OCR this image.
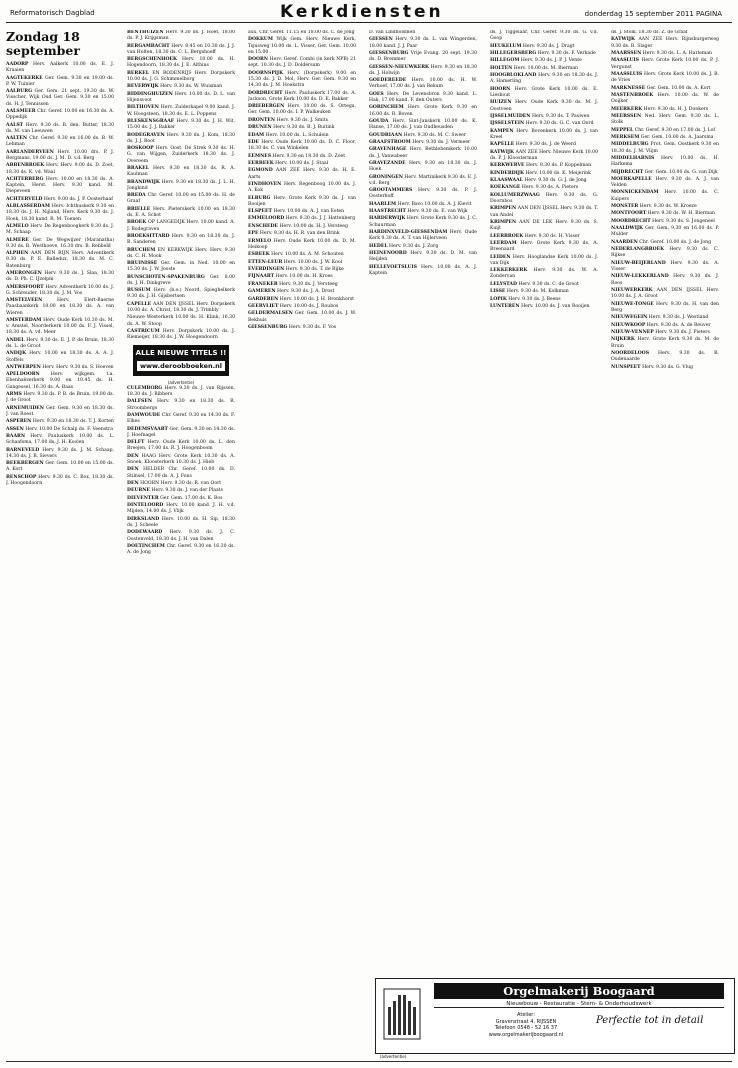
Reformatorisch Dagblad	Kerkdiensten	donderdag 15 september 2011 PAGINA
Zondag 18 september

AADORP Herv. Aalkerk 10.00 ds. E. J. Kraaien

AAGTEKERKE Ger. Gem. 9.30 en 19.00 ds. P. W. Tuinier

AALBURG Ger. Gem. 21 sept. 19.30 ds. W. Visscher, Wijk Oud Ger. Gem. 9.30 en 15.00 ds. H. J. Tennissen

AALSMEER Chr. Geref. 10.00 en 16.30 ds. A. Oppedijk

AALST Herv. 9.30 ds. B. den. Butter, 18.30 ds. M. van Leeuwen

AALTEN Chr. Geref. 9.30 en 16.00 ds. B. W. Lehman

AARLANDERVEEN Herv. 10.00 drs. P. J. Bergmans, 19.00 ds. J. M. D. v.d. Berg

ABBENBROEK Herv. Herv. 9.00 ds. D. Zoet, 18.30 ds. K. vd. Waal

ACHTERBERG Herv. 10.00 en 18.30 ds. A. Kaptein, Herst. Herv. 9.30 kand. M. Diepeveen

ACHTERVELD Herv. 9.00 ds. J. P. Oosterhaaf

ALBLASSERDAM Herv. Ichthuskerk 9.30 en 18.30 ds. J. H. Nijland, Herv. Kerk 9.30 ds. J. Hoek, 18.30 kand. R. M. Toenen

ALMELO Herv. De Regenboogkerk 9.30 ds. J. M. Schaap

ALMERE Ger. De Wegwijzer (Maranatha) 9.30 ds. R. Westhoeve, 16.30 drs. B. Rebbeld

ALPHEN AAN DEN RIJN Herv. Adventkerk 9.30 ds. P. E. Balledux, 18.30 ds. M. C. Batenburg

AMERONGEN Herv. 9.30 ds. J. Slaa, 18.30 ds. D. Ph. C. IJzelpm

AMERSFOORT Herv. Adventkerk 10.00 ds. J. G. Schreuder, 18.30 ds. J. M. Vos

AMSTELVEEN Herv. Elert-Baerne Paasbaankerk 10.00 en 18.30 ds. A. van Wieren

AMSTERDAM Herv. Oude Kerk 10.30 ds. M. v. Amstel, Noorderkerk 10.00 ds. F. J. Vissel, 18.30 ds. A. vd. Meer

ANDEL Herv. 9.30 ds. E. J. P. de Bruin, 18.30 ds. L. de Groot

ANDIJK Herv. 10.00 en 18.30 ds. A. A. J. Stoffels

ANTWERPEN Herv. Herv. 9.30 ds. S. Hoeven

APELDOORN Herv. wijkgem. t.a. Ebenhaëzerkerk 9.00 en 10.45 ds. H. Gangessel, 16.30 ds. A. Baas

ARMS Herv. 9.30 ds. P. B. de Bruin, 19.00 ds. J. de Groot

ARNEMUIDEN Ger. Gem. 9.30 en 18.30 ds. J. van Roest

ASPEREN Herv. 9.30 en 18.30 ds. T. J. Korten

ASSEN Herv. 10.00 De Schalp ds. F. Veenstra

BAARN Herv. Pauluskerk 10.00 ds. L. Schaafsma, 17.00 ds. J. H. Koolen

BARNEVELD Herv. 9.30 ds. J. M. Schaap, 14.30 ds. J. B. Sievers

BEEKBERGEN Ger. Gem. 10.00 en 15.00 ds. A. Kort

BENSCHOP Herv. 9.30 ds. C. Box, 18.30 ds. J. Hoogendoorn

BENTHUIZEN Herv. 9.30 ds. J. Hoet, 18.00 ds. P. J. Krijgsman

BERGAMBACHT Herv. 8.45 en 10.30 ds. J. J. van Holten, 18.30 ds. C. L. Bergshoeff

BERGSCHENHOEK Herv. 10.00 ds. H. Hogendoorn, 18.30 ds. J. E. Althius

BERKEL EN RODENRIJS Herv. Dorpskerk 10.00 ds. J. G. Schimmelborg

BEVERWIJK Herv. 9.30 ds. W. Wuisman

BIDDINGHUIZEN Herv. 10.00 ds. D. L. van Hijensvoot

BILTHOVEN Herv. Zuiderkapel 9.00 kand. J. W. Hoogsteen, 18.30 ds. E. L. Poppens

BLESKENSGRAAF Herv. 9.30 ds. J. H. Wit, 15.00 ds. J. J. Bakker

BODEGRAVEN Herv. 9.30 ds. J. Kom, 18.30 ds. J. J. Boot

BOSKOOP Herv. Oost. De Strek 9.30 ds. H. G. van Wijgen, Zuiderkerk 18.30 ds. J. Overeem

BRAKEL Herv. 9.30 en 18.30 ds. R. A. Kaulman

BRANDWIJK Herv. 9.30 en 18.30 ds. J. L. H. Jongkind

BREDA Chr. Geref. 10.00 en 15.00 ds. H. de Graaf

BRIELLE Herv. Pieterskerk 10.00 en 18.30 ds. E. A. Schot

BROEK OP LANGEDIJK Herv. 10.00 kand. A. J. Bodegraven

BROEKSITTARD Herv. 9.30 en 18.30 ds. J. B. Sanderen

BRUCHEM EN KERKWIJK Herv. Herv. 9.30 ds. C. H. Mook

BRUINISSE Ger. Gem. in Ned. 10.00 en 15.30 ds. J. W. Jooste

BUNSCHOTEN-SPAKENBURG Ger. 8.00 ds. J. H. Dinkgreve

BUSSUM Herv. (b.o.) Noord, Spieghelkerk 9.30 ds. J. H. Gijsbertsen

CAPELLE AAN DEN IJSSEL Herv. Dorpskerk 10.00 ds. A. Christ, 18.30 ds. J. Trimbly

Nieuwe Westerkerk 10.00 ds. H. Klink, 16.30 ds. A. W. Stoop

CASTRICUM Herv. Dorpskerk 10.00 ds. J. Riemeijer, 18.30 ds. J. W. Hoogendoorn

ALLE NIEUWE TITELS !!
www.deroobboeken.nl
(advertentie)

CULEMBORG Herv. 9.30 ds. J. van Rijssen, 18.30 ds. J. Ribbers

DALFSEN Herv. 9.30 en 18.30 ds. R. Stroombergs

DAMWOUDE Chr. Geref. 9.30 en 14.30 ds. F. Elkes

DEDEMSVAART Ger. Gem. 9.30 en 14.30 ds. J. Hoefnagel

DELFT Herv. Oude Kerk 10.00 ds. L. den Breejen, 17.00 ds. R. J. Hoogenboom

DEN HAAG Herv. Grote Kerk 10.30 ds. A. Snoek, Kloosterkerk 10.30 ds. J. Hieb

DEN HELDER Chr. Geref. 10.00 ds. D. Stilnsel, 17.00 ds. A. J. Fons

DEN HOORN Herv. 9.30 ds. R. van Oort

DEURNE Herv. 9.30 ds. J. van der Plaats

DIEVENTER Ger. Gem. 17.00 ds. K. Bos

DINTELOORD Herv. 10.00 kand. J. H. v.d. Mijden, 14.00 ds. J. Vlijk

DIRKSLAND Herv. 10.00 ds. H. Sip, 18.30 ds. J. Scheele

DODEWAARD Herv. 9.30 ds. J. C. Oostenveld, 18.30 ds. J. H. van Dalen

DOETINCHEM Chr. Geref. 9.30 en 16.30 ds. A. de Jong

aux, Chr. Geref. 11.15 en 18.00 ds. C. de Jong

DOKKUM Wijk Gem. Herv. Nieuwe Kerk, Tsjusweg 10.00 ds. L. Visser, Ger. Gem. 10.00 en 15.00

DOORN Herv. Geref. Combi (in kerk NPB) 21 sept. 10.30 ds. J. D. Doldersum

DOORNSPIJK Herv. (Dorpskerk) 9.00 en 15.30 ds. J. D. Mol, Herv. Ger. Gem. 9.30 en 14.30 ds. J. M. Hoekstra

DORDRECHT Herv. Pauluskerk 17.00 ds. A. Jackson, Grote Kerk 10.00 ds. D. E. Bakker

DRIEBERGEN Herv. 10.00 ds. S. Ortega, Ger. Gem. 10.00 ds. I. P. Walkeuken

DRONTEN Herv. 9.30 ds. J. Smits

DRUNEN Herv. 9.30 ds. B. J. Buitink

EDAM Herv. 10.00 ds. L. Schulein

EDE Herv. Oude Kerk 10.00 ds. D. C. Floor, 18.30 ds. C. van Winkelen

EEMNES Herv. 9.30 en 18.30 ds. D. Zoet

EERBEEK Herv. 10.00 ds. J. Staal

EGMOND AAN ZEE Herv. 9.30 ds. H. E. Aarts

EINDHOVEN Herv. Regenboog 10.00 ds. J. A. Kok

ELBURG Herv. Grote Kerk 9.30 ds. J. van Rooijen

ELSPEET Herv. 10.00 ds. A. J. van Eeten

EMMELOORD Herv. 9.30 ds. J. J. Hattenberg

ENSCHEDE Herv. 10.00 ds. H. J. Versteeg

EPE Herv. 9.30 ds. H. R. van den Brink

ERMELO Herv. Oude Kerk 10.00 ds. D. M. Heikoop

ESBEEK Herv. 10.00 ds. A. M. Schouten

ETTEN-LEUR Herv. 10.00 ds. J. W. Kool

EVERDINGEN Herv. 9.30 ds. T. de Rijke

FIJNAART Herv. 10.00 ds. H. Kroes

FRANEKER Herv. 9.30 ds. J. Versteeg

GAMEREN Herv. 9.30 ds. J. A. Drost

GARDEREN Herv. 10.00 ds. J. H. Bronkhorst

GEERVLIET Herv. 10.00 ds. J. Roubos

GELDERMALSEN Ger. Gem. 10.00 ds. J. W. Bekhuis

GIESSENBURG Herv. 9.30 ds. F. Vos

D. van Lindholsmen

GIESSEN Herv. 9.30 ds. L. van Wingerden, 18.00 kand. J. J. Paar

GIESSENBURG Vrije Evang. 20 sept. 19.30 ds. D. Bremmer

GIESSEN-NIEUWKERK Herv. 9.30 en 18.30 ds. J. Holwijn

GOEDEREEDE Herv. 10.00 ds. H. W. Verhoef, 17.00 ds. J. van Rekum

GOES Herv. De Levensbron 9.30 kand. L. Hak, 17.00 kand. F. den Outers

GORINCHEM Herv. Grote Kerk 9.30 en 16.00 ds. R. Boven

GOUDA Herv. Sint-Janskerk 10.00 ds. K. Hanse, 17.00 ds. J. van Oudheusden

GOUDRIAAN Herv. 9.30 ds. M. C. Sweer

GRAAFSTROOM Herv. 9.30 ds. J. Vermeer

GRAVENHAGE Herv. Bethlehemkerk 10.00 ds. J. Vanwabeer

GRAVEZANDE Herv. 9.30 en 18.30 ds. J. Hoek

GRONINGEN Herv. Martinikerk 9.30 ds. E. J. v.d. Berg

GROOTAMMERS Herv. 9.30 ds. P. J. Oosterhoff

HAARLEM Herv. Bavo 10.00 ds. A. J. Kievit

HAASTRECHT Herv. 9.30 ds. E. van Wijk

HARDERWIJK Herv. Grote Kerk 9.30 ds. J. C. Schuurman

HARDINXVELD-GIESSENDAM Herv. Oude Kerk 9.30 ds. A. T. van Hijlerveen

HEDEL Herv. 9.30 ds. J. Zorg

HEINENOORD Herv. 9.30 ds. D. M. van Heijden

HELLEVOETSLUIS Herv. 10.00 ds. A. J. Kaptein

ds. J. Tiggelaar, Chr. Geref. 9.30 ds. G. v.d. Goop

HEUKELUM Herv. 9.30 ds. J. Dragt

HILLEGERSBERG Herv. 9.30 ds. F. Verkade

HILLEGOM Herv. 9.30 ds. J. P. J. Vente

HOLTEN Herv. 10.00 ds. M. Bierman

HOOGBLOKLAND Herv. 9.30 en 18.30 ds. J. A. Hamerling

HOORN Herv. Grote Kerk 10.00 ds. E. Lieshout

HUIZEN Herv. Oude Kerk 9.30 ds. M. J. Oostveen

IJSSELMUIDEN Herv. 9.30 ds. T. Pauwen

IJSSELSTEIN Herv. 9.30 ds. G. C. van Oord

KAMPEN Herv. Bovenkerk 10.00 ds. J. van Kreel

KAPELLE Herv. 9.30 ds. J. de Weerd

KATWIJK AAN ZEE Herv. Nieuwe Kerk 10.00 ds. P. J. Kloosterman

KERKWERVE Herv. 9.30 ds. P. Koppelman

KINDERDIJK Herv. 10.00 ds. K. Meijerink

KLAASWAAL Herv. 9.30 ds. G. J. de Jong

KOEKANGE Herv. 9.30 ds. A. Pieters

KOLLUMERZWAAG Herv. 9.30 ds. G. Doornbos

KRIMPEN AAN DEN IJSSEL Herv. 9.30 ds. T. van Andel

KRIMPEN AAN DE LEK Herv. 9.30 ds. S. Kuijt

LEERBROEK Herv. 9.30 ds. H. Visser

LEERDAM Herv. Grote Kerk 9.30 ds. A. Breenaard

LEIDEN Herv. Hooglandse Kerk 10.00 ds. J. van Dijk

LEKKERKERK Herv. 9.30 ds. W. A. Zondervan

LELYSTAD Herv. 9.30 ds. C. de Groot

LISSE Herv. 9.30 ds. M. Kolkman

LOPIK Herv. 9.30 ds. J. Beens

LUNTEREN Herv. 10.00 ds. J. van Rooijen

ds. J. Stolk, 18.30 ds. Z. de Graaf

KATWIJK AAN ZEE Herv. Rijnsburgerweg 9.30 ds. B. Slager

MAARSSEN Herv. 9.30 ds. L. A. Harleman

MAASLUIS Herv. Grote Kerk 10.00 ds. P. J. Vergunst

MAASSLUIS Herv. Grote Kerk 10.00 ds. J. B. de Vries

MARKNESSE Ger. Gem. 10.00 ds. A. Kort

MASTENBROEK Herv. 10.00 ds. W. de Ooijker

MEERKERK Herv. 9.30 ds. H. J. Donkers

MEERSSEN Ned. Herv. Gem. 9.30 ds. L. Stolk

MEPPEL Chr. Geref. 9.30 en 17.00 ds. J. Lof

MERKSEM Ger. Gem. 10.00 ds. A. Jaarsma

MIDDELBURG Prot. Gem. Oostkerk 9.30 en 18.30 ds. J. M. Vlijm

MIDDELHARNIS Herv. 10.00 ds. H. Harkema

MIJDRECHT Ger. Gem. 10.00 ds. G. van Dijk

MOERKAPELLE Herv. 9.30 ds. A. J. van Velden

MONNICKENDAM Herv. 10.00 ds. C. Kuipers

MONSTER Herv. 9.30 ds. W. Kroeze

MONTFOORT Herv. 9.30 ds. W. H. Bierman

MOORDRECHT Herv. 9.30 ds. S. Jongeneel

NAALDWIJK Ger. Gem. 9.30 en 16.00 ds. P. Mulder

NAARDEN Chr. Geref. 10.00 ds. J. de Jong

NEDERLANGBROEK Herv. 9.30 ds. C. Rijkse

NIEUW-BEIJERLAND Herv. 9.30 ds. A. Visser

NIEUW-LEKKERLAND Herv. 9.30 ds. J. Roos

NIEUWERKERK AAN DEN IJSSEL Herv. 10.00 ds. J. A. Groot

NIEUWE-TONGE Herv. 9.30 ds. H. van den Berg

NIEUWEGEIN Herv. 9.30 ds. J. Westland

NIEUWKOOP Herv. 9.30 ds. A. de Reuver

NIEUW-VENNEP Herv. 9.30 ds. J. Pieters

NIJKERK Herv. Grote Kerk 9.30 ds. M. de Bruin

NOORDELOOS Herv. 9.30 ds. B. Oudenaarde

NUNSPEET Herv. 9.30 ds. G. Vlug

Orgelmakerij Boogaard
Nieuwbouw - Restauratie - Stem- & Onderhoudswerk
Atelier:
Gravenstraat 4, RIJSSEN
Telefoon 0548 - 52 16 37
www.orgelmakerijboogaard.nl
Perfectie tot in detail
(advertentie)
